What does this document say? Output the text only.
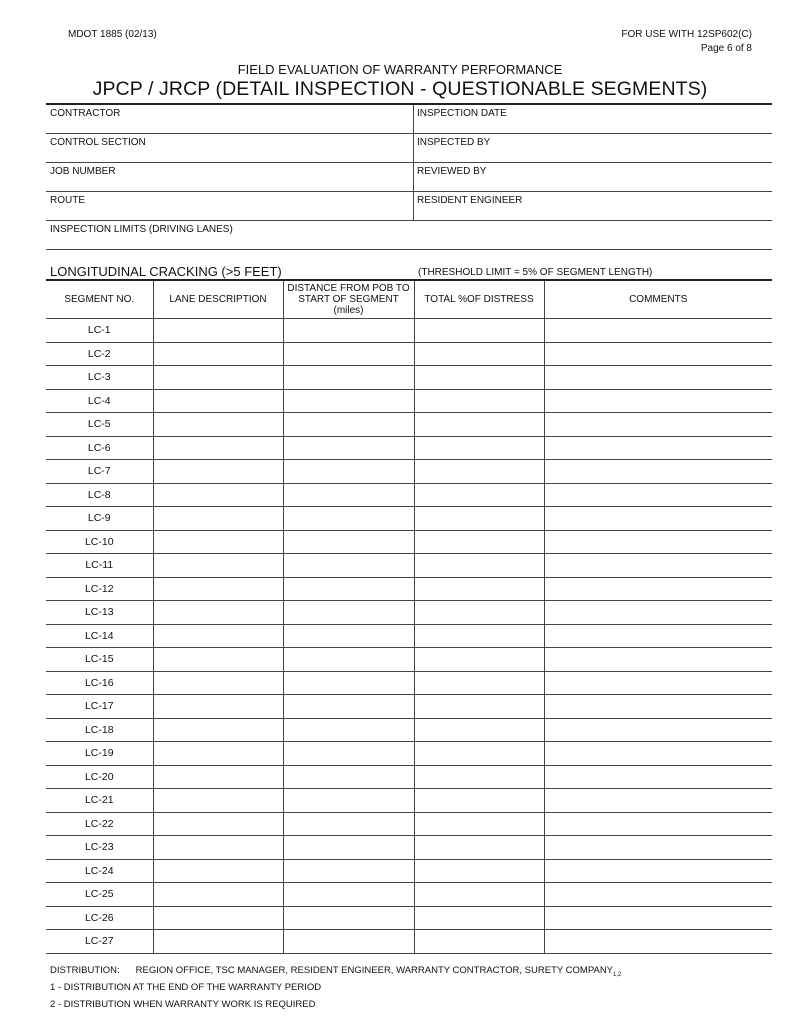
MDOT 1885 (02/13)	FOR USE WITH 12SP602(C)
Page 6 of 8
FIELD EVALUATION OF WARRANTY PERFORMANCE
JPCP / JRCP (DETAIL INSPECTION - QUESTIONABLE SEGMENTS)
CONTRACTOR	INSPECTION DATE
CONTROL SECTION	INSPECTED BY
JOB NUMBER	REVIEWED BY
ROUTE	RESIDENT ENGINEER
INSPECTION LIMITS (DRIVING LANES)
LONGITUDINAL CRACKING (>5 FEET)	(THRESHOLD LIMIT = 5% OF SEGMENT LENGTH)
SEGMENT NO.	LANE DESCRIPTION	DISTANCE FROM POB TO START OF SEGMENT (miles)	TOTAL %OF DISTRESS	COMMENTS
LC-1				
LC-2				
LC-3				
LC-4				
LC-5				
LC-6				
LC-7				
LC-8				
LC-9				
LC-10				
LC-11				
LC-12				
LC-13				
LC-14				
LC-15				
LC-16				
LC-17				
LC-18				
LC-19				
LC-20				
LC-21				
LC-22				
LC-23				
LC-24				
LC-25				
LC-26				
LC-27				
DISTRIBUTION: REGION OFFICE, TSC MANAGER, RESIDENT ENGINEER, WARRANTY CONTRACTOR, SURETY $COMPANY_{1,2}$
1 - DISTRIBUTION AT THE END OF THE WARRANTY PERIOD
2 - DISTRIBUTION WHEN WARRANTY WORK IS REQUIRED
